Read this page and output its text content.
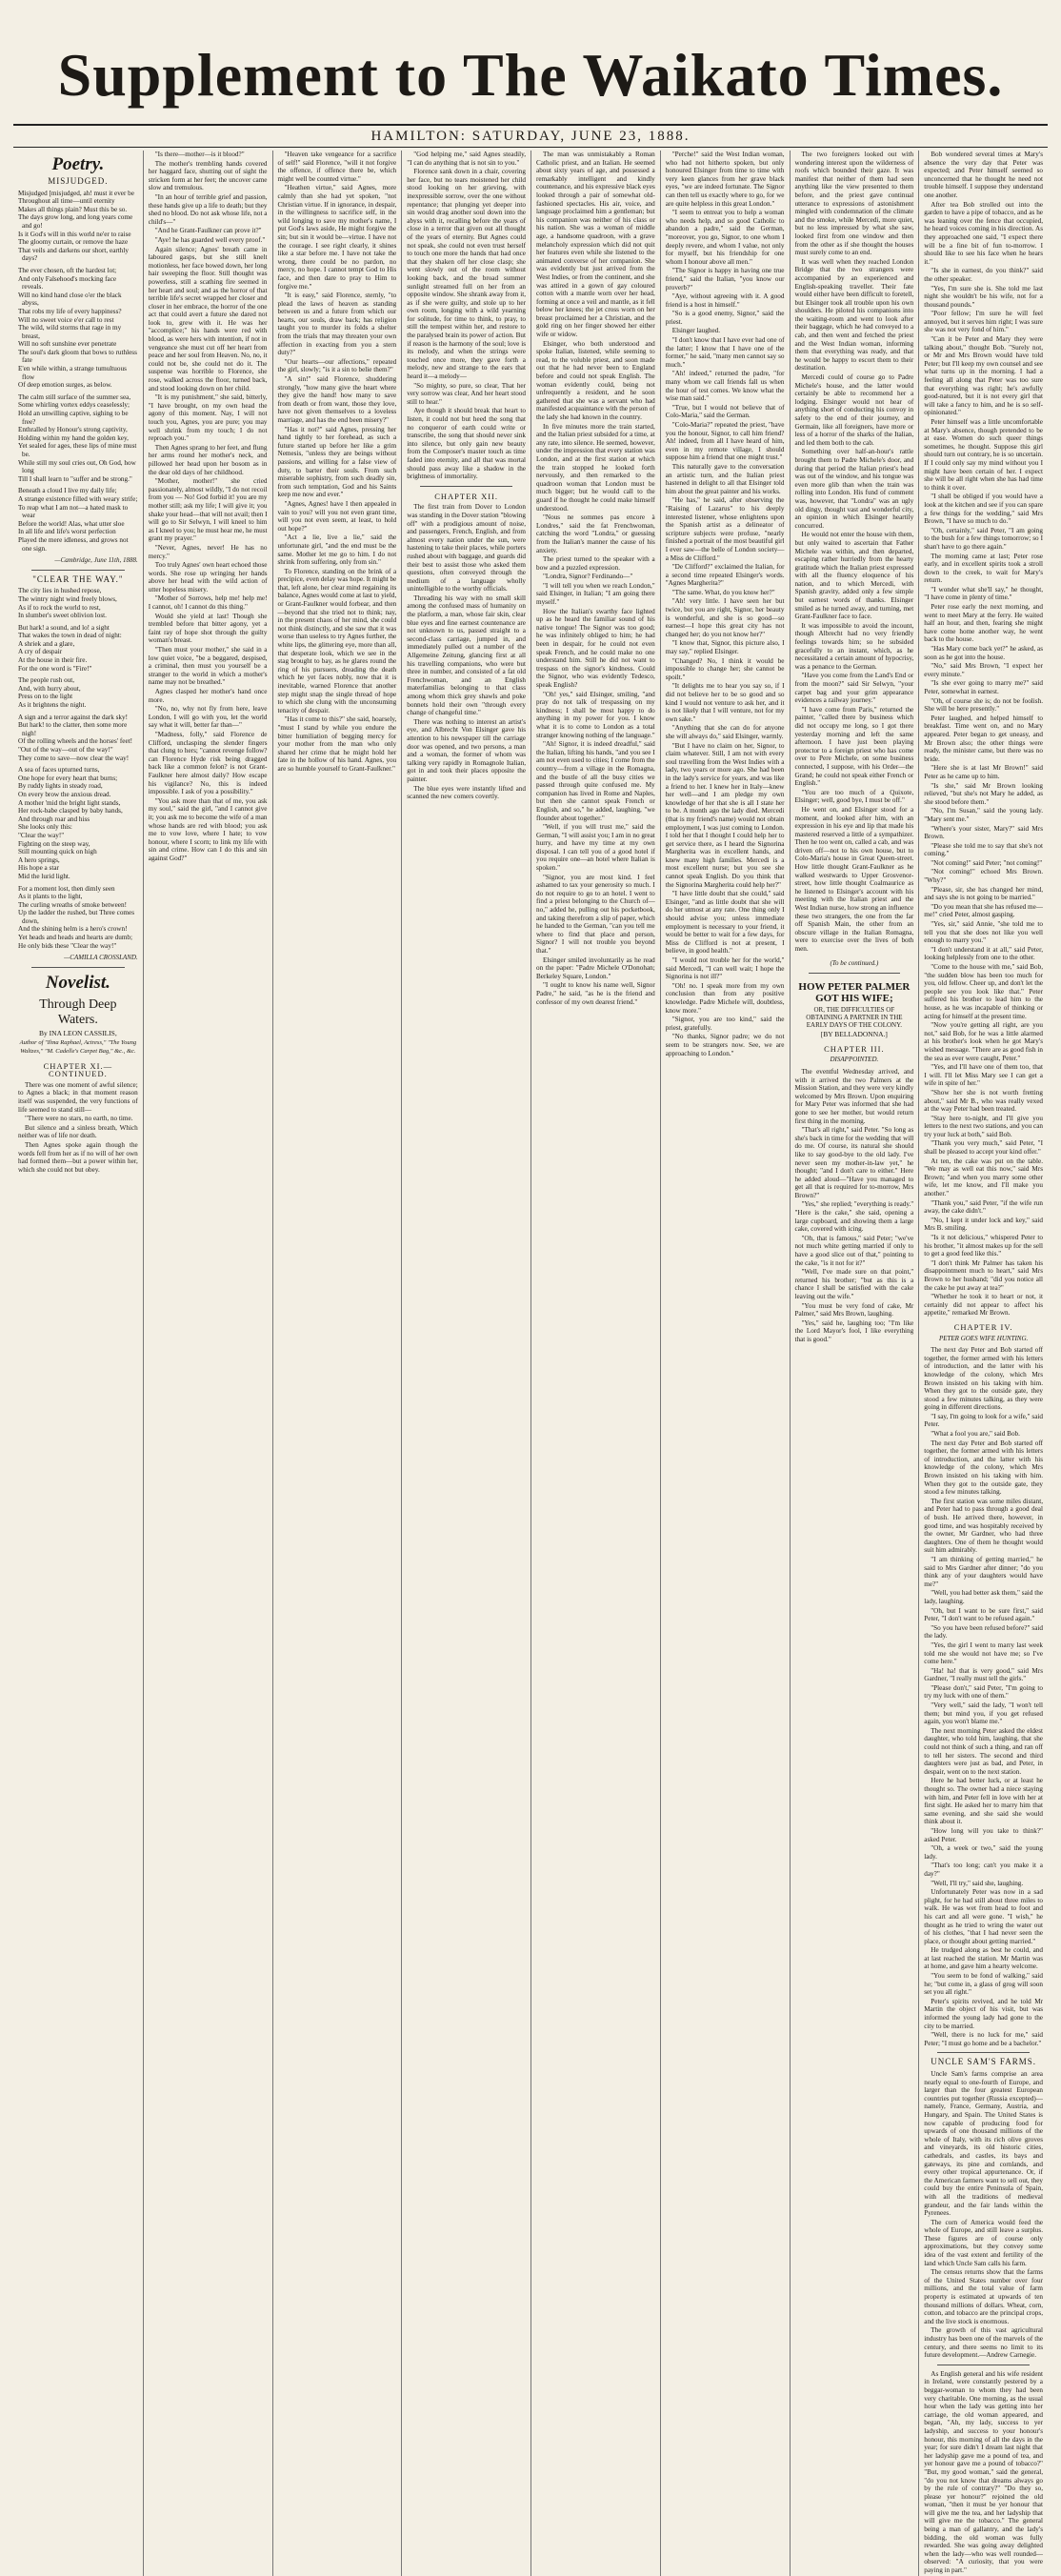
Supplement to The Waikato Times.
HAMILTON: SATURDAY, JUNE 23, 1888.
Poetry.
MISJUDGED.

Misjudged [misjudged, ah! must it ever be

Throughout all time—until eternity

Makes all things plain? Must this be so.

The days grow long, and long years come and go!

Is it God's will in this world ne'er to raise

The gloomy curtain, or remove the haze

That veils and darkens our short, earthly days?

The ever chosen, oft the hardest lot;

And only Falsehood's mocking face reveals.

Will no kind hand close o'er the black abyss,

That robs my life of every happiness?

Will no sweet voice e'er call to rest

The wild, wild storms that rage in my breast,

Will no soft sunshine ever penetrate

The soul's dark gloom that bows to ruthless fate

E'en while within, a strange tumultuous flow

Of deep emotion surges, as below.

The calm still surface of the summer sea,

Some whirling vortex eddys ceaselessly;

Hold an unwilling captive, sighing to be free?

Enthralled by Honour's strong captivity,

Holding within my hand the golden key,

Yet sealed for ages, these lips of mine must be.

While still my soul cries out, Oh God, how long

Till I shall learn to "suffer and be strong."

Beneath a cloud I live my daily life;

A strange existence filled with weary strife;

To reap what I am not—a hated mask to wear

Before the world! Alas, what utter sloe

In all life and life's worst perfection

Played the mere idleness, and grows not one sign.

—Cambridge, June 11th, 1888.
"CLEAR THE WAY."

The city lies in hushed repose,

The wintry night wind freely blows,

As if to rock the world to rest,

In slumber's sweet oblivion lost.

But hark! a sound, and lo! a sight

That wakes the town in dead of night:

A shriek and a glare,

A cry of despair

At the house in their fire.

For the one word is "Fire!"

The people rush out,

And, with hurry about,

Press on to the light

As it brightens the night.

A sign and a terror against the dark sky!

But hark! to the clatter, then some more nigh!

Of the rolling wheels and the horses' feet!

"Out of the way—out of the way!"

They come to save—now clear the way!

A sea of faces upturned turns,

One hope for every heart that burns;

By ruddy lights in steady road,

On every brow the anxious dread.

A mother 'mid the bright light stands,

Her rock-babe clasped by baby hands,

And through roar and hiss

She looks only this:

"Clear the way!"

Fighting on the steep way,

Still mounting quick on high

A hero springs,

His hope a star

Mid the lurid light.

For a moment lost, then dimly seen

As it plants to the light,

The curling wreaths of smoke between!

Up the ladder the rushed, but Three comes down,

And the shining helm is a hero's crown!

Yet heads and heads and hearts are dumb;

He only bids these "Clear the way!"

—CAMILLA CROSSLAND.
Novelist.
Through Deep Waters.
By INA LEON CASSILIS,
Author of "Ilma Raphael, Actress," "The Young Waltzes," "M. Cadelle's Carpet Bag," &c., &c.
CHAPTER XI.—CONTINUED.

There was one moment of awful silence; to Agnes a black; in that moment reason itself was suspended, the very functions of life seemed to stand still—

"There were no stars, no earth, no time.

But silence and a sinless breath, Which neither was of life nor death.

Then Agnes spoke again though the words fell from her as if no will of her own had formed them—but a power within her, which she could not but obey.

"Is there—mother—is it blood?"

The mother's trembling hands covered her haggard face, shutting out of sight the stricken form at her feet; the uncover came slow and tremulous.

"In an hour of terrible grief and passion, these hands give up a life to death; but they shed no blood. Do not ask whose life, not a child's—"

"And he Grant-Faulkner can prove it?"

"Aye! he has guarded well every proof."

Again silence; Agnes' breath came in laboured gasps, but she still knelt motionless, her face bowed down, her long hair sweeping the floor. Still thought was powerless, still a scathing fire seemed in her heart and soul; and as the horror of that terrible life's secret wrapped her closer and closer in her embrace, the horror of the one act that could avert a future she dared not look to, grew with it. He was her "accomplice;" his hands were red with blood, as were hers with intention, if not in vengeance she must cut off her heart from peace and her soul from Heaven. No, no, it could not be, she could not do it. The suspense was horrible to Florence, she rose, walked across the floor, turned back, and stood looking down on her child.

"It is my punishment," she said, bitterly, "I have brought, on my own head the agony of this moment. Nay, I will not touch you, Agnes, you are pure; you may well shrink from my touch; I do not reproach you."

Then Agnes sprang to her feet, and flung her arms round her mother's neck, and pillowed her head upon her bosom as in the dear old days of her childhood.

"Mother, mother!" she cried passionately, almost wildly, "I do not recoil from you — No! God forbid it! you are my mother still; ask my life; I will give it; you shake your head—that will not avail; then I will go to Sir Selwyn, I will kneel to him as I kneel to you; he must hear me, he must grant my prayer."

"Never, Agnes, never! He has no mercy."

Too truly Agnes' own heart echoed those words. She rose up wringing her hands above her head with the wild action of utter hopeless misery.

"Mother of Sorrows, help me! help me! I cannot, oh! I cannot do this thing."

Would she yield at last! Though she trembled before that bitter agony, yet a faint ray of hope shot through the guilty woman's breast.

"Then must your mother," she said in a low quiet voice, "be a beggared, despised, a criminal, then must you yourself be a stranger to the world in which a mother's name may not be breathed."

Agnes clasped her mother's hand once more.

"No, no, why not fly from here, leave London, I will go with you, let the world say what it will, better far than—"

"Madness, folly," said Florence de Clifford, unclasping the slender fingers that clung to hers; "cannot revenge follow? can Florence Hyde risk being dragged back like a common felon? is not Grant-Faulkner here almost daily? How escape his vigilance? No, this is indeed impossible. I ask of you a possibility."

"You ask more than that of me, you ask my soul," said the girl, "and I cannot give it; you ask me to become the wife of a man whose hands are red with blood; you ask me to vow love, where I hate; to vow honour, where I scorn; to link my life with sin and crime. How can I do this and sin against God?"

"Heaven take vengeance for a sacrifice of self!" said Florence, "will it not forgive the offence, if offence there be, which might well be counted virtue."

"Heathen virtue," said Agnes, more calmly than she had yet spoken, "not Christian virtue. If in ignorance, in despair, in the willingness to sacrifice self, in the wild longing to save my mother's name, I put God's laws aside, He might forgive the sin; but sin it would be—virtue. I have not the courage. I see right clearly, it shines like a star before me. I have not take the wrong, there could be no pardon, no mercy, no hope. I cannot tempt God to His face, and then dare to pray to Him to forgive me."

"It is easy," said Florence, sternly, "to plead the laws of heaven as standing between us and a future from which our hearts, our souls, draw back; has religion taught you to murder its folds a shelter from the trials that may threaten your own affection in exacting from you a stern duty?"

"Our hearts—our affections," repeated the girl, slowly; "is it a sin to belie them?"

"A sin!" said Florence, shuddering strongly, "how many give the heart where they give the hand! how many to save from death or from want, those they love, have not given themselves to a loveless marriage, and has the end been misery?"

"Has it not?" said Agnes, pressing her hand tightly to her forehead, as such a future started up before her like a grim Nemesis, "unless they are beings without passions, and willing for a false view of duty, to barter their souls. From such miserable sophistry, from such deadly sin, from such temptation, God and his Saints keep me now and ever."

"Agnes, Agnes! have I then appealed in vain to you? will you not even grant time, will you not even seem, at least, to hold out hope?"

"Act a lie, live a lie," said the unfortunate girl, "and the end must be the same. Mother let me go to him. I do not shrink from suffering, only from sin."

To Florence, standing on the brink of a precipice, even delay was hope. It might be that, left alone, her clear mind regaining its balance, Agnes would come at last to yield, or Grant-Faulkner would forbear, and then—beyond that she tried not to think; nay, in the present chaos of her mind, she could not think distinctly, and she saw that it was worse than useless to try Agnes further, the white lips, the glittering eye, more than all, that desperate look, which we see in the stag brought to bay, as he glares round the ring of his pursuers, dreading the death which he yet faces nobly, now that it is inevitable, warned Florence that another step might snap the single thread of hope to which she clung with the unconsuming tenacity of despair.

"Has it come to this?" she said, hoarsely, "must I stand by while you endure the bitter humiliation of begging mercy for your mother from the man who only shared her crime that he might hold her fate in the hollow of his hand. Agnes, you are so humble yourself to Grant-Faulkner."

"God helping me," said Agnes steadily, "I can do anything that is not sin to you."

Florence sank down in a chair, covering her face, but no tears moistened her child stood looking on her grieving, with inexpressible sorrow, over the one without repentance; that plunging yet deeper into sin would drag another soul down into the abyss with it, recalling before the years of close in a terror that given out all thought of the years of eternity. But Agnes could not speak, she could not even trust herself to touch one more the hands that had once that they shaken off her close clasp; she went slowly out of the room without looking back, and the broad summer sunlight streamed full on her from an opposite window. She shrank away from it, as if she were guilty, and stole up to her own room, longing with a wild yearning for solitude, for time to think, to pray, to still the tempest within her, and restore to the paralysed brain its power of action. But if reason is the harmony of the soul; love is its melody, and when the strings were touched once more, they gave forth a melody, new and strange to the ears that heard it—a melody—

"So mighty, so pure, so clear, That her very sorrow was clear, And her heart stood still to hear."

Aye though it should break that heart to listen, it could not but heed the song that no conqueror of earth could write or transcribe, the song that should never sink into silence, but only gain new beauty from the Composer's master touch as time faded into eternity, and all that was mortal should pass away like a shadow in the brightness of immortality.

CHAPTER XII.

The first train from Dover to London was standing in the Dover station "blowing off" with a prodigious amount of noise, and passengers, French, English, and from almost every nation under the sun, were hastening to take their places, while porters rushed about with baggage, and guards did their best to assist those who asked them questions, often conveyed through the medium of a language wholly unintelligible to the worthy officials.

Threading his way with no small skill among the confused mass of humanity on the platform, a man, whose fair skin, clear blue eyes and fine earnest countenance are not unknown to us, passed straight to a second-class carriage, jumped in, and immediately pulled out a number of the Allgemeine Zeitung, glancing first at all his travelling companions, who were but three in number, and consisted of a fat old Frenchwoman, and an English materfamilias belonging to that class among whom thick grey shawls and poke bonnets hold their own "through every change of changeful time."

There was nothing to interest an artist's eye, and Albrecht Von Elsinger gave his attention to his newspaper till the carriage door was opened, and two persons, a man and a woman, the former of whom was talking very rapidly in Romagnole Italian, got in and took their places opposite the painter.

The blue eyes were instantly lifted and scanned the new comers covertly.

The man was unmistakably a Roman Catholic priest, and an Italian. He seemed about sixty years of age, and possessed a remarkably intelligent and kindly countenance, and his expressive black eyes looked through a pair of somewhat old-fashioned spectacles. His air, voice, and language proclaimed him a gentleman; but his companion was neither of his class or his nation. She was a woman of middle age, a handsome quadroon, with a grave melancholy expression which did not quit her features even while she listened to the animated converse of her companion. She was evidently but just arrived from the West Indies, or from the continent, and she was attired in a gown of gay coloured cotton with a mantle worn over her head, forming at once a veil and mantle, as it fell below her knees; the jet cross worn on her breast proclaimed her a Christian, and the gold ring on her finger showed her either wife or widow.

Elsinger, who both understood and spoke Italian, listened, while seeming to read, to the voluble priest, and soon made out that he had never been to England before and could not speak English. The woman evidently could, being not unfrequently a resident, and he soon gathered that she was a servant who had manifested acquaintance with the person of the lady she had known in the country.

In five minutes more the train started, and the Italian priest subsided for a time, at any rate, into silence. He seemed, however, under the impression that every station was London, and at the first station at which the train stopped he looked forth nervously, and then remarked to the quadroon woman that London must be much bigger; but he would call to the guard if he thought he could make himself understood.

"Nous ne sommes pas encore à Londres," said the fat Frenchwoman, catching the word "Londra," or guessing from the Italian's manner the cause of his anxiety.

The priest turned to the speaker with a bow and a puzzled expression.

"Londra, Signor? Ferdinando—"

"I will tell you when we reach London," said Elsinger, in Italian; "I am going there myself."

How the Italian's swarthy face lighted up as he heard the familiar sound of his native tongue! The Signor was too good; he was infinitely obliged to him; he had been in despair, for he could not even speak French, and he could make no one understand him. Still he did not want to trespass on the signor's kindness. Could the Signor, who was evidently Tedesco, speak English?

"Oh! yes," said Elsinger, smiling, "and pray do not talk of trespassing on my kindness; I shall be most happy to do anything in my power for you. I know what it is to come to London as a total stranger knowing nothing of the language."

"Ah! Signor, it is indeed dreadful," said the Italian, lifting his hands, "and you see I am not even used to cities; I come from the country—from a village in the Romagna, and the bustle of all the busy cities we passed through quite confused me. My companion has lived in Rome and Naples, but then she cannot speak French or English, and so," he added, laughing, "we flounder about together."

"Well, if you will trust me," said the German, "I will assist you; I am in no great hurry, and have my time at my own disposal. I can tell you of a good hotel if you require one—an hotel where Italian is spoken."

"Signor, you are most kind. I feel ashamed to tax your generosity so much. I do not require to go to an hotel. I went to find a priest belonging to the Church of—no," added he, pulling out his pocketbook, and taking therefrom a slip of paper, which he handed to the German, "can you tell me where to find that place and person, Signor? I will not trouble you beyond that."

Elsinger smiled involuntarily as he read on the paper: "Padre Michele O'Donohan; Berkeley Square, London."

"I ought to know his name well, Signor Padre," he said, "as he is the friend and confessor of my own dearest friend."

"Perche!" said the West Indian woman, who had not hitherto spoken, but only honoured Elsinger from time to time with very keen glances from her grave black eyes, "we are indeed fortunate. The Signor can then tell us exactly where to go, for we are quite helpless in this great London."

"I seem to entreat you to help a woman who needs help, and so good Catholic to abandon a padre," said the German, "moreover, you go, Signor, to one whom I deeply revere, and whom I value, not only for myself, but his friendship for one whom I honour above all men."

"The Signor is happy in having one true friend," said the Italian, "you know our proverb?"

"Aye, without agreeing with it. A good friend is a host in himself."

"So is a good enemy, Signor," said the priest.

Elsinger laughed.

"I don't know that I have ever had one of the latter; I know that I have one of the former," he said, "many men cannot say so much."

"Ah! indeed," returned the padre, "for many whom we call friends fall us when the hour of test comes. We know what the wise man said."

"True, but I would not believe that of Colo-Maria," said the German.

"Colo-Maria?" repeated the priest, "have you the honour, Signor, to call him friend? Ah! indeed, from all I have heard of him, even in my remote village, I should suppose him a friend that one might trust."

This naturally gave to the conversation an artistic turn, and the Italian priest hastened in delight to all that Elsinger told him about the great painter and his works.

"He has," he said, after observing the "Raising of Lazarus" to his deeply interested listener, whose enlightens upon the Spanish artist as a delineator of scripture subjects were profuse, "nearly finished a portrait of the most beautiful girl I ever saw—the belle of London society—a Miss de Clifford."

"De Clifford?" exclaimed the Italian, for a second time repeated Elsinger's words. "Agnes Margherita?"

"The same. What, do you know her?"

"Ah! very little. I have seen her but twice, but you are right, Signor, her beauty is wonderful, and she is so good—so earnest—I hope this great city has not changed her; do you not know her?"

"I know that, Signor, this picture also, I may say," replied Elsinger.

"Changed? No, I think it would be impossible to change her; she cannot be spoilt."

"It delights me to hear you say so, if I did not believe her to be so good and so kind I would not venture to ask her, and it is not likely that I will venture, not for my own sake."

"Anything that she can do for anyone she will always do," said Elsinger, warmly.

"But I have no claim on her, Signor, to claim whatever. Still, I am not with every soul travelling from the West Indies with a lady, two years or more ago. She had been in the lady's service for years, and was like a friend to her. I knew her in Italy—knew her well—and I am pledge my own knowledge of her that she is all I state her to be. A month ago the lady died. Mercedi (that is my friend's name) would not obtain employment, I was just coming to London. I told her that I thought I could help her to get service there, as I heard the Signorina Margherita was in excellent hands, and knew many high families. Mercedi is a most excellent nurse; but you see she cannot speak English. Do you think that the Signorina Margherita could help her?"

"I have little doubt that she could," said Elsinger, "and as little doubt that she will do her utmost at any rate. One thing only I should advise you; unless immediate employment is necessary to your friend, it would be better to wait for a few days, for Miss de Clifford is not at present, I believe, in good health."

"I would not trouble her for the world," said Mercedi, "I can well wait; I hope the Signorina is not ill?"

"Oh! no. I speak more from my own conclusion than from any positive knowledge. Padre Michele will, doubtless, know more."

"Signor, you are too kind," said the priest, gratefully.

"No thanks, Signor padre; we do not seem to be strangers now. See, we are approaching to London."

The two foreigners looked out with wondering interest upon the wilderness of roofs which bounded their gaze. It was manifest that neither of them had seen anything like the view presented to them before, and the priest gave continual utterance to expressions of astonishment mingled with condemnation of the climate and the smoke, while Mercedi, more quiet, but no less impressed by what she saw, looked first from one window and then from the other as if she thought the houses must surely come to an end.

It was well when they reached London Bridge that the two strangers were accompanied by an experienced and English-speaking traveller. Their fate would either have been difficult to foretell, but Elsinger took all trouble upon his own shoulders. He piloted his companions into the waiting-room and went to look after their baggage, which he had conveyed to a cab, and then went and fetched the priest and the West Indian woman, informing them that everything was ready, and that he would be happy to escort them to their destination.

Mercedi could of course go to Padre Michele's house, and the latter would certainly be able to recommend her a lodging. Elsinger would not hear of anything short of conducting his convoy in safety to the end of their journey, and Germain, like all foreigners, have more or less of a horror of the sharks of the Italian, and led them both to the cab.

Something over half-an-hour's rattle brought them to Padre Michele's door, and during that period the Italian priest's head was out of the window, and his tongue was even more glib than when the train was rolling into London. His fund of comment was, however, that "Londra" was an ugly old dingy, thought vast and wonderful city, an opinion in which Elsinger heartily concurred.

He would not enter the house with them, but only waited to ascertain that Father Michele was within, and then departed, escaping rather hurriedly from the hearty gratitude which the Italian priest expressed with all the fluency eloquence of his nation, and to which Mercedi, with Spanish gravity, added only a few simple but earnest words of thanks. Elsinger smiled as he turned away, and turning, met Grant-Faulkner face to face.

It was impossible to avoid the incount, though Albrecht had no very friendly feelings towards him; so he subsided gracefully to an instant, which, as he necessitated a certain amount of hypocrisy, was a penance to the German.

"Have you come from the Land's End or from the moon?" said Sir Selwyn, "your carpet bag and your grim appearance evidences a railway journey."

"I have come from Paris," returned the painter, "called there by business which did not occupy me long, so I got there yesterday morning and left the same afternoon. I have just been playing protector to a foreign priest who has come over to Pere Michele, on some business connected, I suppose, with his Order—the Grand; he could not speak either French or English."

"You are too much of a Quixote, Elsinger; well, good bye, I must be off."

He went on, and Elsinger stood for a moment, and looked after him, with an expression in his eye and lip that made his mastered reserved a little of a sympathizer. Then he too went on, called a cab, and was driven off—not to his own house, but to Colo-Maria's house in Great Queen-street. How little thought Grant-Faulkner as he walked westwards to Upper Grosvenor-street, how little thought Coalmaurice as he listened to Elsinger's account with his meeting with the Italian priest and the West Indian nurse, how strong an influence these two strangers, the one from the far off Spanish Main, the other from an obscure village in the Italian Romagna, were to exercise over the lives of both men.

(To be continued.)
HOW PETER PALMER GOT HIS WIFE;
OR, THE DIFFICULTIES OF OBTAINING A PARTNER IN THE EARLY DAYS OF THE COLONY.
[BY BELLADONNA.]
CHAPTER III.
DISAPPOINTED.

The eventful Wednesday arrived, and with it arrived the two Palmers at the Mission Station, and they were very kindly welcomed by Mrs Brown. Upon enquiring for Mary Peter was informed that she had gone to see her mother, but would return first thing in the morning.

"That's all right," said Peter. "So long as she's back in time for the wedding that will do me. Of course, its natural she should like to say good-bye to the old lady. I've never seen my mother-in-law yet," he thought; "and I don't care to either." Here he added aloud—"Have you managed to get all that is required for to-morrow, Mrs Brown?"

"Yes," she replied; "everything is ready." "Here is the cake," she said, opening a large cupboard, and showing them a large cake, covered with icing.

"Oh, that is famous," said Peter; "we've not much white getting married if only to have a good slice out of that," pointing to the cake, "is it not for it?"

"Well, I've made sure on that point," returned his brother; "but as this is a chance I shall be satisfied with the cake leaving out the wife."

"You must be very fond of cake, Mr Palmer," said Mrs Brown, laughing.

"Yes," said he, laughing too; "I'm like the Lord Mayor's fool, I like everything that is good."

Bob wondered several times at Mary's absence the very day that Peter was expected; and Peter himself seemed so unconcerned that he thought he need not trouble himself. I suppose they understand one another.

After tea Bob strolled out into the garden to have a pipe of tobacco, and as he was leaning over the fence that occupied, he heard voices coming in his direction. As they approached one said, "I expect there will be a fine bit of fun to-morrow. I should like to see his face when he hears it."

"Is she in earnest, do you think?" said the other speaker.

"Yes, I'm sure she is. She told me last night she wouldn't be his wife, not for a thousand pounds."

"Poor fellow; I'm sure he will feel annoyed, but it serves him right; I was sure she was not very fond of him."

"Can it be Peter and Mary they were talking about," thought Bob. "Surely not, or Mr and Mrs Brown would have told Peter; but I'll keep my own counsel and see what turns up in the morning. I had a feeling all along that Peter was too sure that everything was right; he's awfully good-natured, but it is not every girl that will take a fancy to him, and he is so self-opinionated."

Peter himself was a little uncomfortable at Mary's absence, though pretended to be at ease. Women do such queer things sometimes, he thought. Suppose this girl should turn out contrary, he is so uncertain. If I could only say my mind without you I might have been certain of her. I expect she will be all right when she has had time to think it over.

"I shall be obliged if you would have a look at the kitchen and see if you can spare a few things for the wedding," said Mrs Brown, "I have so much to do."

"Oh, certainly," said Peter, "I am going to the bush for a few things tomorrow; so I shan't have to go there again."

The morning came at last; Peter rose early, and in excellent spirits took a stroll down to the creek, to wait for Mary's return.

"I wonder what she'll say," he thought, "I have come in plenty of time."

Peter rose early the next morning, and went to meet Mary at the ferry. He waited half an hour, and then, fearing she might have come home another way, he went back to the house.

"Has Mary come back yet?" he asked, as soon as he got into the house.

"No," said Mrs Brown, "I expect her every minute."

"Is she ever going to marry me?" said Peter, somewhat in earnest.

"Oh, of course she is; do not be foolish. She will be here presently."

Peter laughed, and helped himself to breakfast. Time went on, and no Mary appeared. Peter began to get uneasy, and Mr Brown also; the other things were ready, the minister came, but there was no bride.

"Here she is at last Mr Brown!" said Peter as he came up to him.

"Is she," said Mr Brown looking relieved, "but she's not Mary he added, as she stood before them."

"No, I'm Susan," said the young lady. "Mary sent me."

"Where's your sister, Mary?" said Mrs Brown.

"Please she told me to say that she's not coming."

"Not coming!" said Peter; "not coming!"

"Not coming!" echoed Mrs Brown. "Why?"

"Please, sir, she has changed her mind, and says she is not going to be married."

"Do you mean that she has refused me—me!" cried Peter, almost gasping.

"Yes, sir," said Annie, "she told me to tell you that she does not like you well enough to marry you."

"I don't understand it at all," said Peter, looking helplessly from one to the other.

"Come to the house with me," said Bob, "the sudden blow has been too much for you, old fellow. Cheer up, and don't let the people see you look like that." Peter suffered his brother to lead him to the house, as he was incapable of thinking or acting for himself at the present time.

"Now you're getting all right, are you not," said Bob, for he was a little alarmed at his brother's look when he got Mary's wished message. "There are as good fish in the sea as ever were caught, Peter."

"Yes, and I'll have one of them too, that I will. I'll let Miss Mary see I can get a wife in spite of her."

"Show her she is not worth fretting about," said Mr B., who was really vexed at the way Peter had been treated.

"Stay here to-night, and I'll give you letters to the next two stations, and you can try your luck at both," said Bob.

"Thank you very much," said Peter, "I shall be pleased to accept your kind offer."

At ten, the cake was put on the table. "We may as well eat this now," said Mrs Brown; "and when you marry some other wife, let me know, and I'll make you another."

"Thank you," said Peter, "if the wife run away, the cake didn't."

"No, I kept it under lock and key," said Mrs B. smiling.

"Is it not delicious," whispered Peter to his brother, "it almost makes up for the sell to get a good feed like this."

"I don't think Mr Palmer has taken his disappointment much to heart," said Mrs Brown to her husband; "did you notice all the cake he put away at tea?"

"Whether he took it to heart or not, it certainly did not appear to affect his appetite," remarked Mr Brown.

CHAPTER IV.
PETER GOES WIFE HUNTING.

The next day Peter and Bob started off together, the former armed with his letters of introduction, and the latter with his knowledge of the colony, which Mrs Brown insisted on his taking with him. When they got to the outside gate, they stood a few minutes talking, as they were going in different directions.

"I say, I'm going to look for a wife," said Peter.

"What a fool you are," said Bob.

The next day Peter and Bob started off together, the former armed with his letters of introduction, and the latter with his knowledge of the colony, which Mrs Brown insisted on his taking with him. When they got to the outside gate, they stood a few minutes talking.

The first station was some miles distant, and Peter had to pass through a good deal of bush. He arrived there, however, in good time, and was hospitably received by the owner, Mr Gardner, who had three daughters. One of them he thought would suit him admirably.

"I am thinking of getting married," he said to Mrs Gardner after dinner; "do you think any of your daughters would have me?"

"Well, you had better ask them," said the lady, laughing.

"Oh, but I want to be sure first," said Peter, "I don't want to be refused again."

"So you have been refused before?" said the lady.

"Yes, the girl I went to marry last week told me she would not have me; so I've come here."

"Ha! ha! that is very good," said Mrs Gardner, "I really must tell the girls."

"Please don't," said Peter, "I'm going to try my luck with one of them."

"Very well," said the lady, "I won't tell them; but mind you, if you get refused again, you won't blame me."

The next morning Peter asked the eldest daughter, who told him, laughing, that she could not think of such a thing, and ran off to tell her sisters. The second and third daughters were just as bad, and Peter, in despair, went on to the next station.

Here he had better luck, or at least he thought so. The owner had a niece staying with him, and Peter fell in love with her at first sight. He asked her to marry him that same evening, and she said she would think about it.

"How long will you take to think?" asked Peter.

"Oh, a week or two," said the young lady.

"That's too long; can't you make it a day?"

"Well, I'll try," said she, laughing.

Unfortunately Peter was now in a sad plight, for he had still about three miles to walk. He was wet from head to foot and his cart and all were gone. "I wish," he thought as he tried to wring the water out of his clothes, "that I had never seen the place, or thought about getting married."

He trudged along as best he could, and at last reached the station. Mr Martin was at home, and gave him a hearty welcome.

"You seem to be fond of walking," said he; "but come in, a glass of grog will soon set you all right."

Peter's spirits revived, and he told Mr Martin the object of his visit, but was informed the young lady had gone to the city to be married.

"Well, there is no luck for me," said Peter; "I must go home and be a bachelor."

UNCLE SAM'S FARMS.

Uncle Sam's farms comprise an area nearly equal to one-fourth of Europe, and larger than the four greatest European countries put together (Russia excepted)—namely, France, Germany, Austria, and Hungary, and Spain. The United States is now capable of producing food for upwards of one thousand millions of the whole of Italy, with its rich olive groves and vineyards, its old historic cities, cathedrals, and castles, its bays and gateways, its pine and cornlands, and every other tropical appurtenance. Or, if the American farmers want to sell out, they could buy the entire Peninsula of Spain, with all the traditions of medieval grandeur, and the fair lands within the Pyrenees.

The corn of America would feed the whole of Europe, and still leave a surplus. These figures are of course only approximations, but they convey some idea of the vast extent and fertility of the land which Uncle Sam calls his farm.

The census returns show that the farms of the United States number over four millions, and the total value of farm property is estimated at upwards of ten thousand millions of dollars. Wheat, corn, cotton, and tobacco are the principal crops, and the live stock is enormous.

The growth of this vast agricultural industry has been one of the marvels of the century, and there seems no limit to its future development.—Andrew Carnegie.

As English general and his wife resident in Ireland, were constantly pestered by a beggar-woman to whom they had been very charitable. One morning, as the usual hour when the lady was getting into her carriage, the old woman appeared, and began, "Ah, my lady, success to yer ladyship, and success to your honour's honour, this morning of all the days in the year; for sure didn't I dream last night that her ladyship gave me a pound of tea, and yer honour gave me a pound of tobacco?" "But, my good woman," said the general, "do you not know that dreams always go by the rule of contrary?" "Do they so, please yer honour?" rejoined the old woman, "then it must be yer honour that will give me the tea, and her ladyship that will give me the tobacco." The general being a man of gallantry, and the lady's bidding, the old woman was fully rewarded. She was going away delighted when the lady—who was well rounded—observed: "A curiosity, that you were paying in part."
